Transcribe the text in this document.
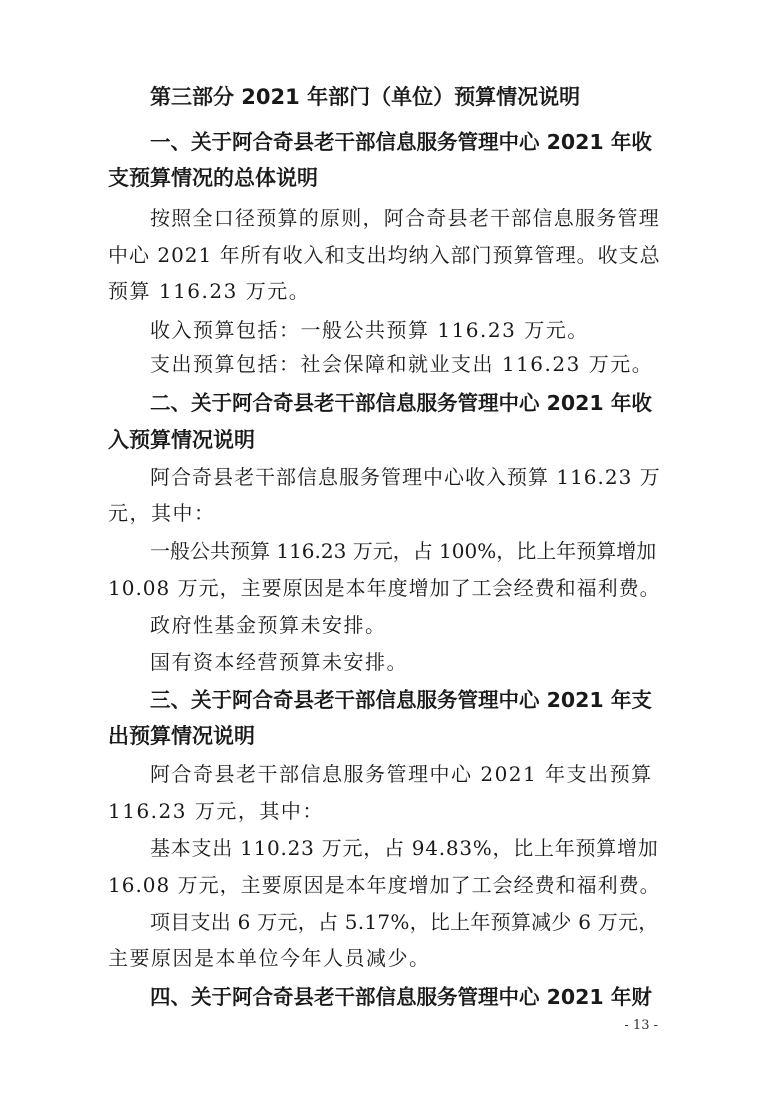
第三部分 2021 年部门（单位）预算情况说明
一、关于阿合奇县老干部信息服务管理中心 2021 年收
支预算情况的总体说明
按照全口径预算的原则，阿合奇县老干部信息服务管理
中心 2021 年所有收入和支出均纳入部门预算管理。收支总
预算 116.23 万元。
收入预算包括：一般公共预算 116.23 万元。
支出预算包括：社会保障和就业支出 116.23 万元。
二、关于阿合奇县老干部信息服务管理中心 2021 年收
入预算情况说明
阿合奇县老干部信息服务管理中心收入预算 116.23 万
元，其中：
一般公共预算 116.23 万元，占 100%，比上年预算增加
10.08 万元，主要原因是本年度增加了工会经费和福利费。
政府性基金预算未安排。
国有资本经营预算未安排。
三、关于阿合奇县老干部信息服务管理中心 2021 年支
出预算情况说明
阿合奇县老干部信息服务管理中心 2021 年支出预算
116.23 万元，其中：
基本支出 110.23 万元，占 94.83%，比上年预算增加
16.08 万元，主要原因是本年度增加了工会经费和福利费。
项目支出 6 万元，占 5.17%，比上年预算减少 6 万元，
主要原因是本单位今年人员减少。
四、关于阿合奇县老干部信息服务管理中心 2021 年财
- 13 -
